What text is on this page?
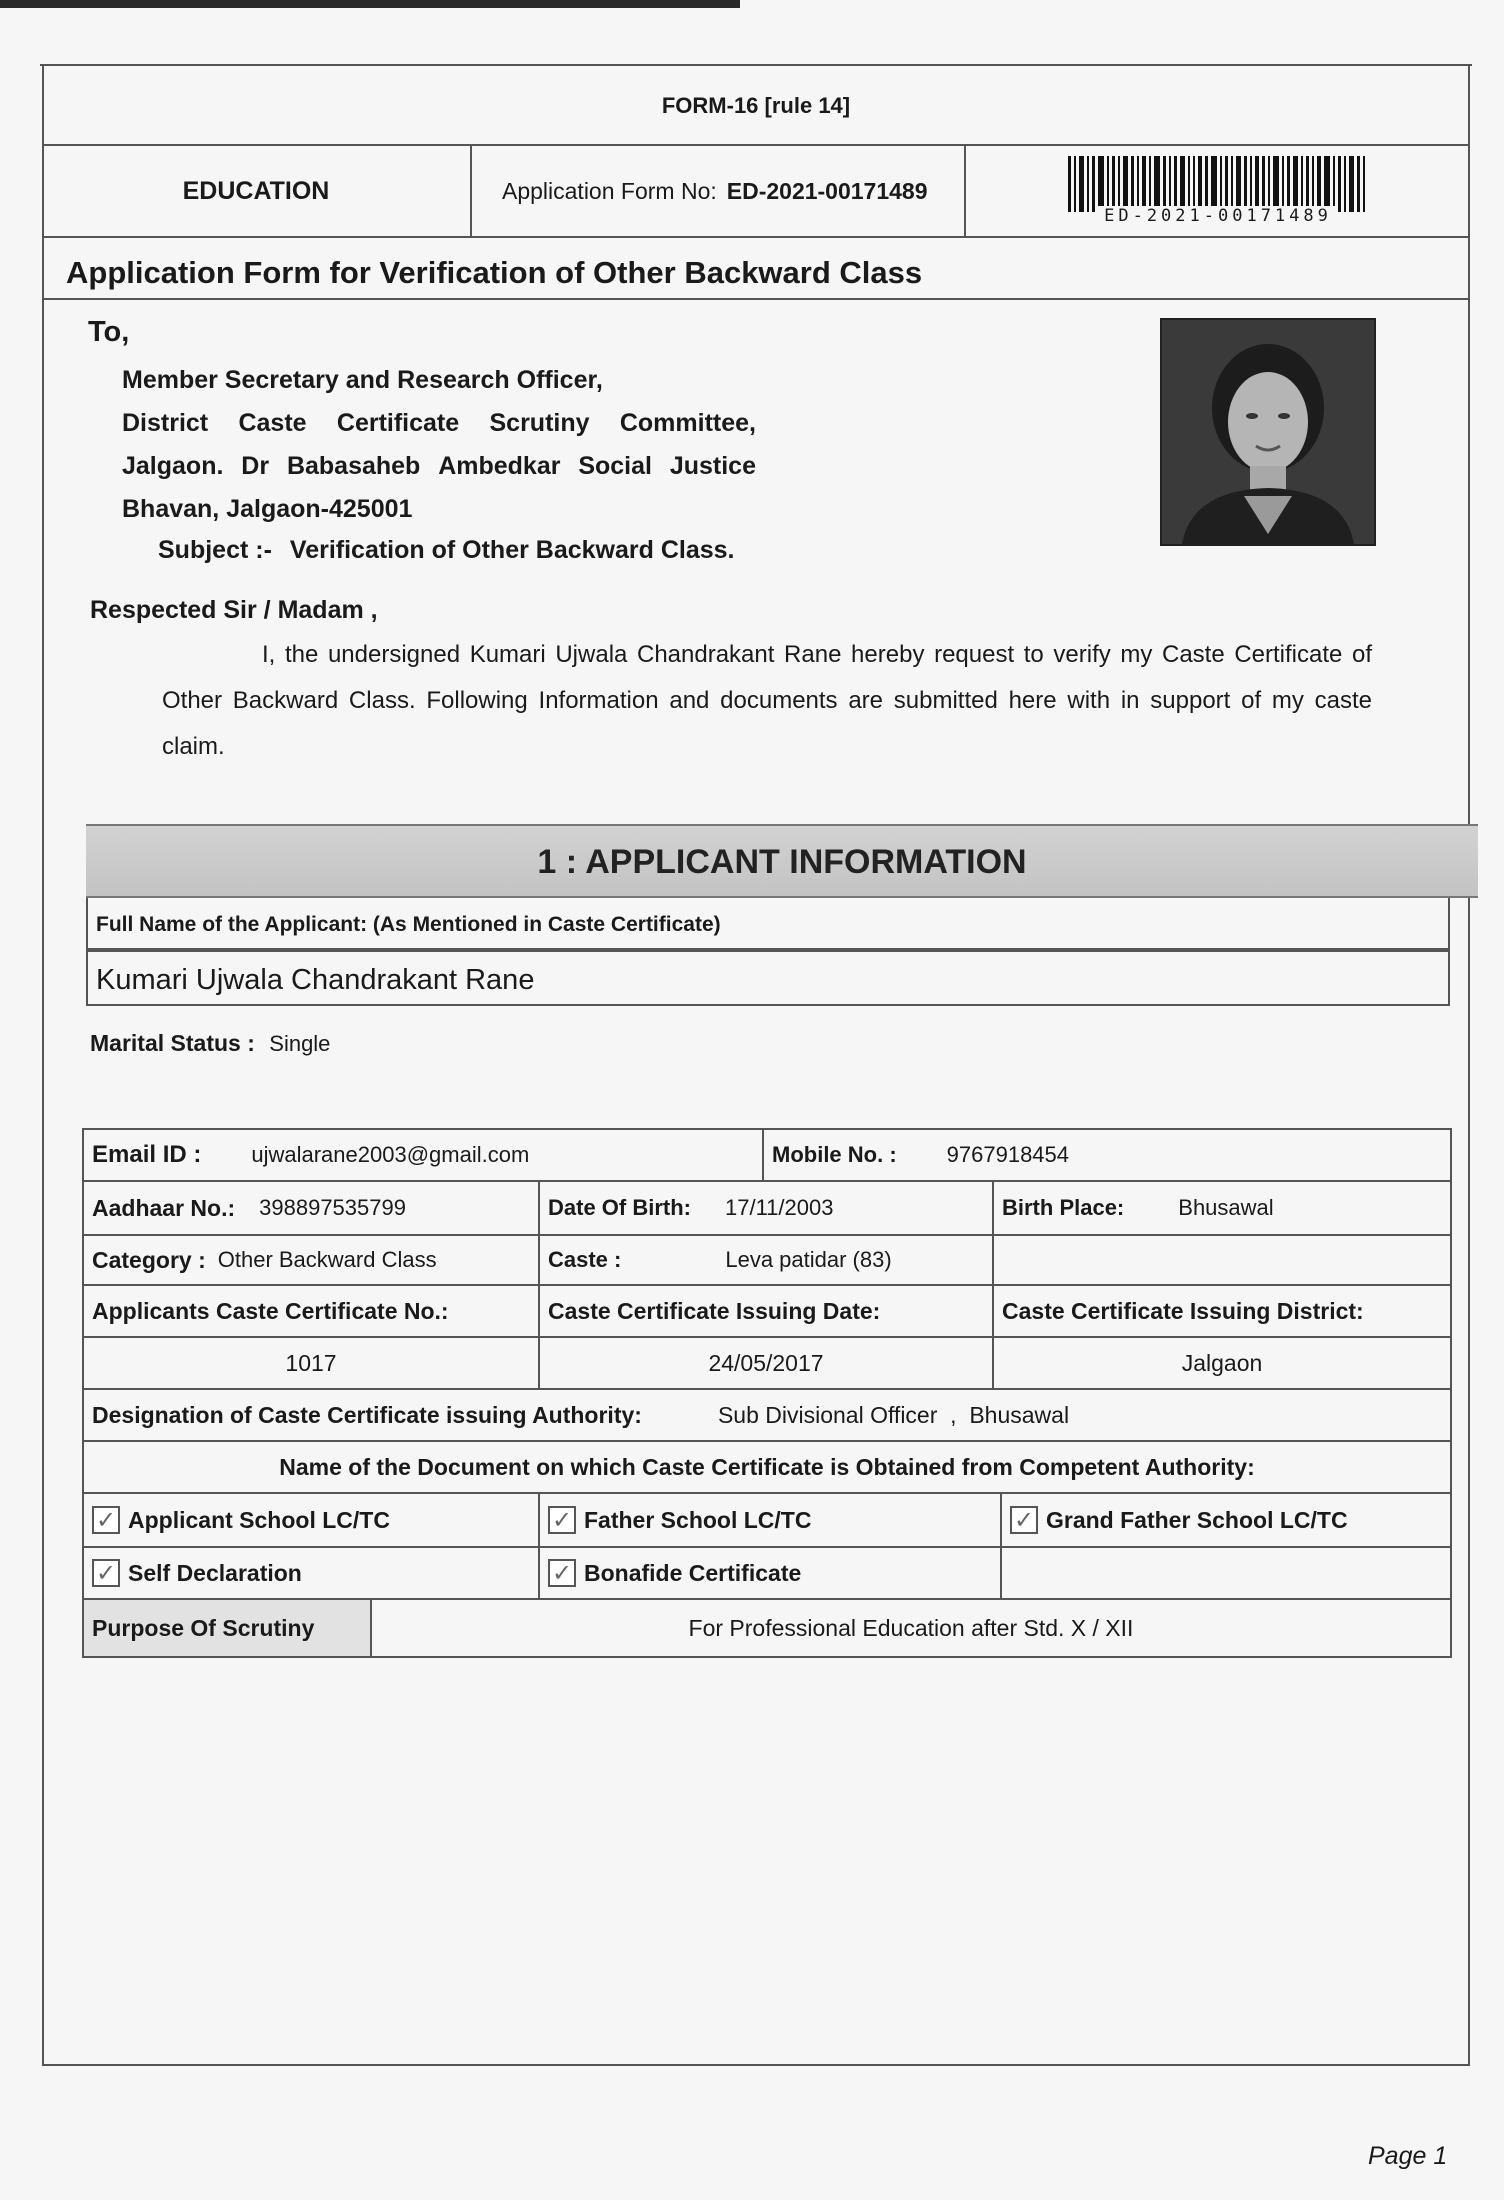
FORM-16 [rule 14]
EDUCATION	Application Form No: ED-2021-00171489
ED-2021-00171489
Application Form for Verification of Other Backward Class
To,
Member Secretary and Research Officer,
District Caste Certificate Scrutiny Committee,
Jalgaon. Dr Babasaheb Ambedkar Social Justice
Bhavan, Jalgaon-425001
Subject :- Verification of Other Backward Class.
Respected Sir / Madam ,
I, the undersigned Kumari Ujwala Chandrakant Rane hereby request to verify my Caste Certificate of Other Backward Class. Following Information and documents are submitted here with in support of my caste claim.
1 : APPLICANT INFORMATION
Full Name of the Applicant: (As Mentioned in Caste Certificate)
Kumari Ujwala Chandrakant Rane
Marital Status : Single
Email ID : ujwalarane2003@gmail.com	Mobile No. : 9767918454
Aadhaar No.: 398897535799	Date Of Birth: 17/11/2003	Birth Place: Bhusawal
Category : Other Backward Class	Caste :	Leva patidar (83)
Applicants Caste Certificate No.:	Caste Certificate Issuing Date:	Caste Certificate Issuing District:
1017	24/05/2017	Jalgaon
Designation of Caste Certificate issuing Authority:	Sub Divisional Officer  ,  Bhusawal
Name of the Document on which Caste Certificate is Obtained from Competent Authority:
✓ Applicant School LC/TC	✓ Father School LC/TC	✓ Grand Father School LC/TC
✓ Self Declaration	✓ Bonafide Certificate
Purpose Of Scrutiny	For Professional Education after Std. X / XII
Page 1
